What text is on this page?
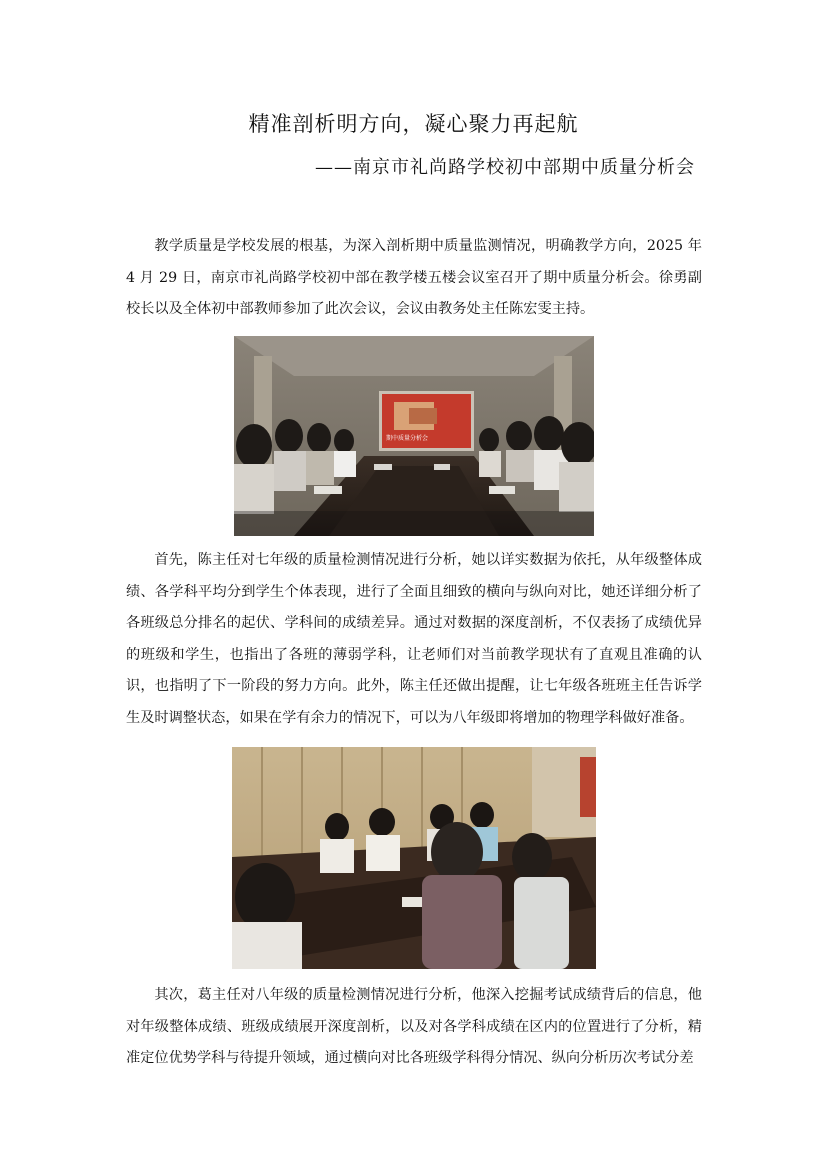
精准剖析明方向，凝心聚力再起航
——南京市礼尚路学校初中部期中质量分析会

教学质量是学校发展的根基，为深入剖析期中质量监测情况，明确教学方向，2025 年 4 月 29 日，南京市礼尚路学校初中部在教学楼五楼会议室召开了期中质量分析会。徐勇副校长以及全体初中部教师参加了此次会议，会议由教务处主任陈宏雯主持。

期中质量分析会

首先，陈主任对七年级的质量检测情况进行分析，她以详实数据为依托，从年级整体成绩、各学科平均分到学生个体表现，进行了全面且细致的横向与纵向对比，她还详细分析了各班级总分排名的起伏、学科间的成绩差异。通过对数据的深度剖析，不仅表扬了成绩优异的班级和学生，也指出了各班的薄弱学科，让老师们对当前教学现状有了直观且准确的认识，也指明了下一阶段的努力方向。此外，陈主任还做出提醒，让七年级各班班主任告诉学生及时调整状态，如果在学有余力的情况下，可以为八年级即将增加的物理学科做好准备。

其次，葛主任对八年级的质量检测情况进行分析，他深入挖掘考试成绩背后的信息，他对年级整体成绩、班级成绩展开深度剖析，以及对各学科成绩在区内的位置进行了分析，精准定位优势学科与待提升领域，通过横向对比各班级学科得分情况、纵向分析历次考试分差
